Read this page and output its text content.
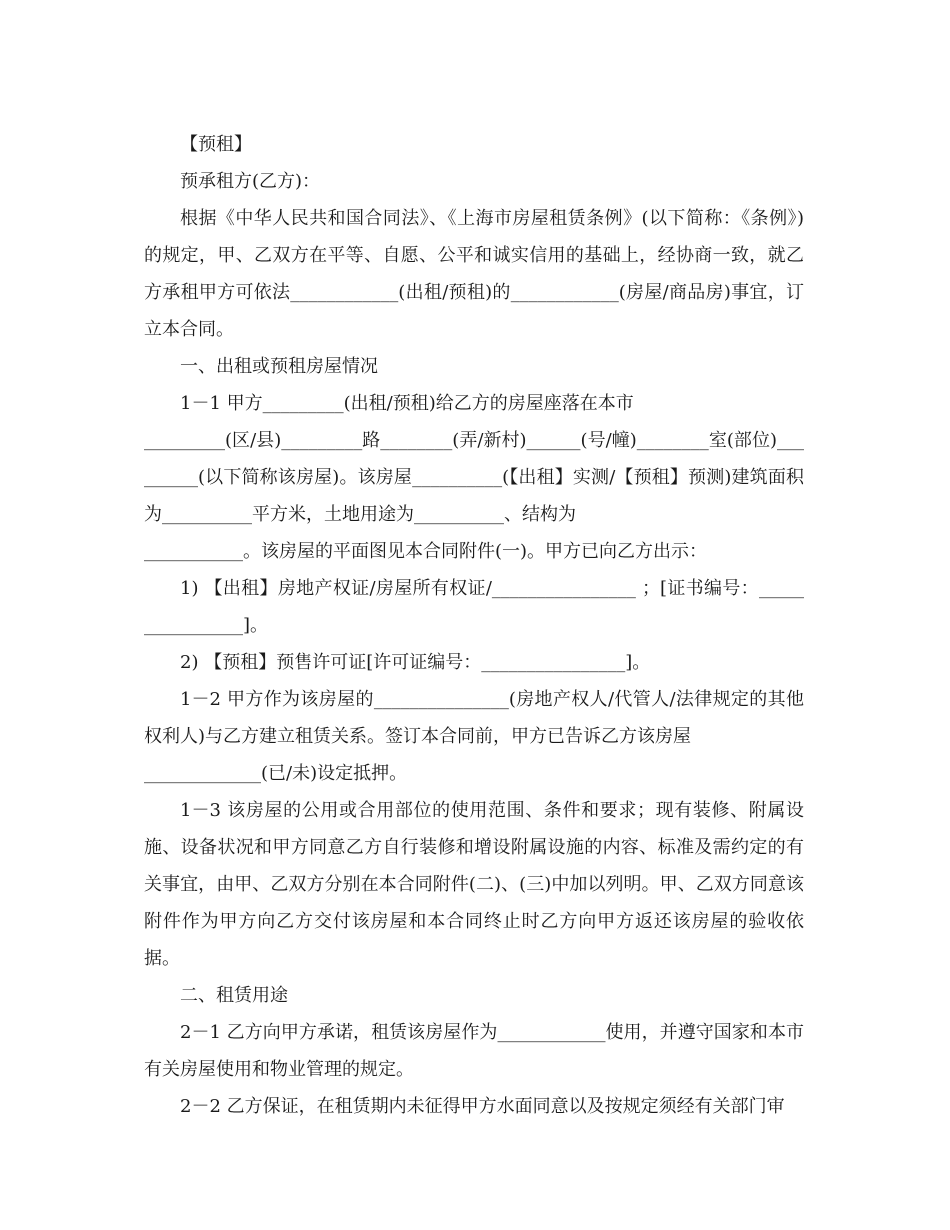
【预租】

预承租方(乙方)：

根据《中华人民共和国合同法》、《上海市房屋租赁条例》(以下简称：《条例》)的规定，甲、乙双方在平等、自愿、公平和诚实信用的基础上，经协商一致，就乙方承租甲方可依法____________(出租/预租)的____________(房屋/商品房)事宜，订立本合同。

一、出租或预租房屋情况

1－1 甲方_________(出租/预租)给乙方的房屋座落在本市

_________(区/县)_________路________(弄/新村)______(号/幢)________室(部位)_________(以下简称该房屋)。该房屋__________(【出租】实测/【预租】预测)建筑面积为__________平方米，土地用途为__________、结构为

___________。该房屋的平面图见本合同附件(一)。甲方已向乙方出示：

1) 【出租】房地产权证/房屋所有权证/________________ ；[证书编号：________________]。

2) 【预租】预售许可证[许可证编号：________________]。

1－2 甲方作为该房屋的_______________(房地产权人/代管人/法律规定的其他权利人)与乙方建立租赁关系。签订本合同前，甲方已告诉乙方该房屋

_____________(已/未)设定抵押。

1－3 该房屋的公用或合用部位的使用范围、条件和要求；现有装修、附属设施、设备状况和甲方同意乙方自行装修和增设附属设施的内容、标准及需约定的有关事宜，由甲、乙双方分别在本合同附件(二)、(三)中加以列明。甲、乙双方同意该附件作为甲方向乙方交付该房屋和本合同终止时乙方向甲方返还该房屋的验收依据。

二、租赁用途

2－1 乙方向甲方承诺，租赁该房屋作为____________使用，并遵守国家和本市有关房屋使用和物业管理的规定。

2－2 乙方保证，在租赁期内未征得甲方水面同意以及按规定须经有关部门审
